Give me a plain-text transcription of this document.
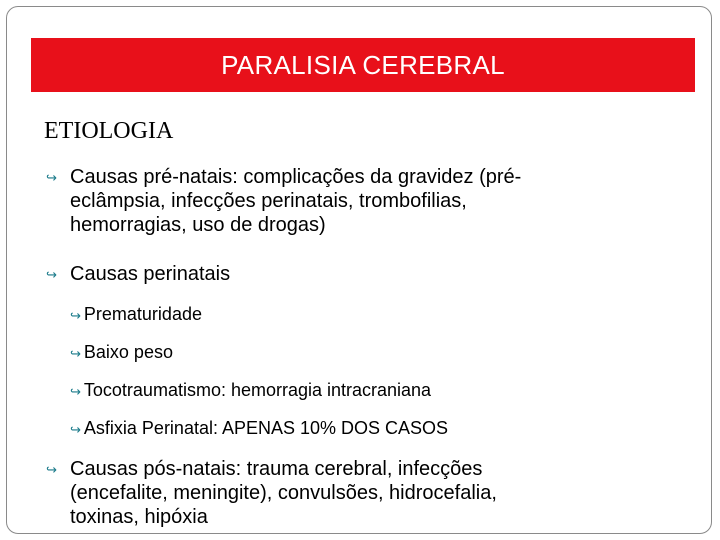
PARALISIA CEREBRAL
ETIOLOGIA
↪ Causas pré-natais: complicações da gravidez (pré-
eclâmpsia, infecções perinatais, trombofilias,
hemorragias, uso de drogas)
↪ Causas perinatais
↪ Prematuridade
↪ Baixo peso
↪ Tocotraumatismo: hemorragia intracraniana
↪ Asfixia Perinatal: APENAS 10% DOS CASOS
↪ Causas pós-natais: trauma cerebral, infecções
(encefalite, meningite), convulsões, hidrocefalia,
toxinas, hipóxia
